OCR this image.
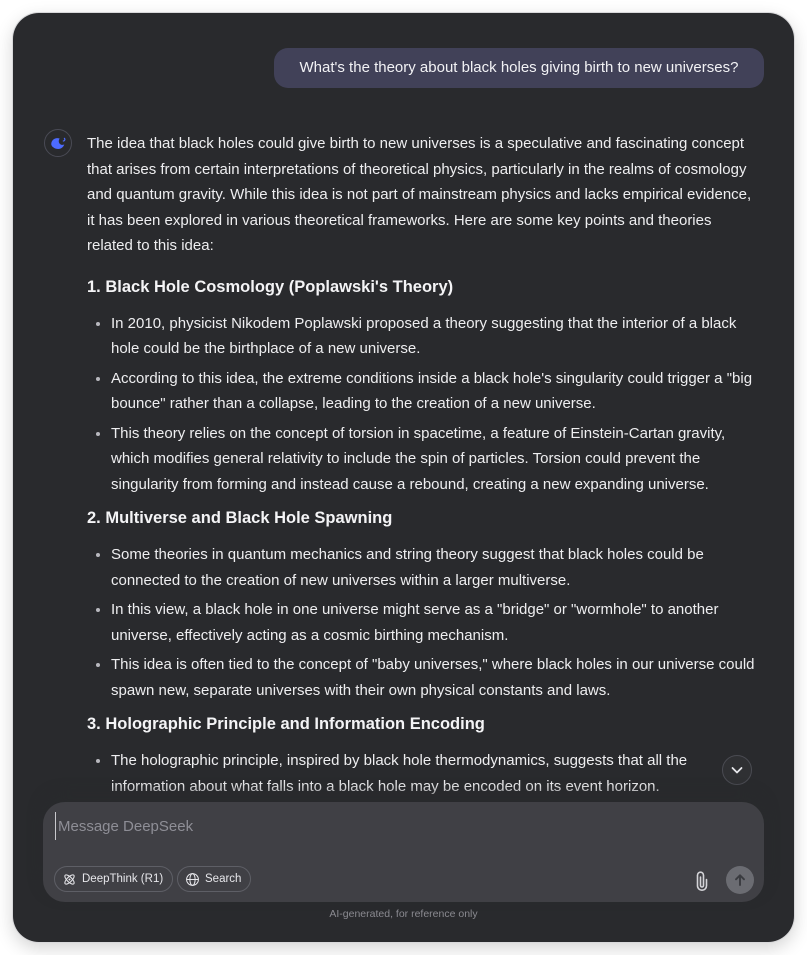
What's the theory about black holes giving birth to new universes?

The idea that black holes could give birth to new universes is a speculative and fascinating concept that arises from certain interpretations of theoretical physics, particularly in the realms of cosmology and quantum gravity. While this idea is not part of mainstream physics and lacks empirical evidence, it has been explored in various theoretical frameworks. Here are some key points and theories related to this idea:

1. Black Hole Cosmology (Poplawski's Theory)
• In 2010, physicist Nikodem Poplawski proposed a theory suggesting that the interior of a black hole could be the birthplace of a new universe.
• According to this idea, the extreme conditions inside a black hole's singularity could trigger a "big bounce" rather than a collapse, leading to the creation of a new universe.
• This theory relies on the concept of torsion in spacetime, a feature of Einstein-Cartan gravity, which modifies general relativity to include the spin of particles. Torsion could prevent the singularity from forming and instead cause a rebound, creating a new expanding universe.
2. Multiverse and Black Hole Spawning
• Some theories in quantum mechanics and string theory suggest that black holes could be connected to the creation of new universes within a larger multiverse.
• In this view, a black hole in one universe might serve as a "bridge" or "wormhole" to another universe, effectively acting as a cosmic birthing mechanism.
• This idea is often tied to the concept of "baby universes," where black holes in our universe could spawn new, separate universes with their own physical constants and laws.
3. Holographic Principle and Information Encoding
• The holographic principle, inspired by black hole thermodynamics, suggests that all the information about what falls into a black hole may be encoded on its event horizon.
Message DeepSeek
DeepThink (R1)	Search
AI-generated, for reference only
